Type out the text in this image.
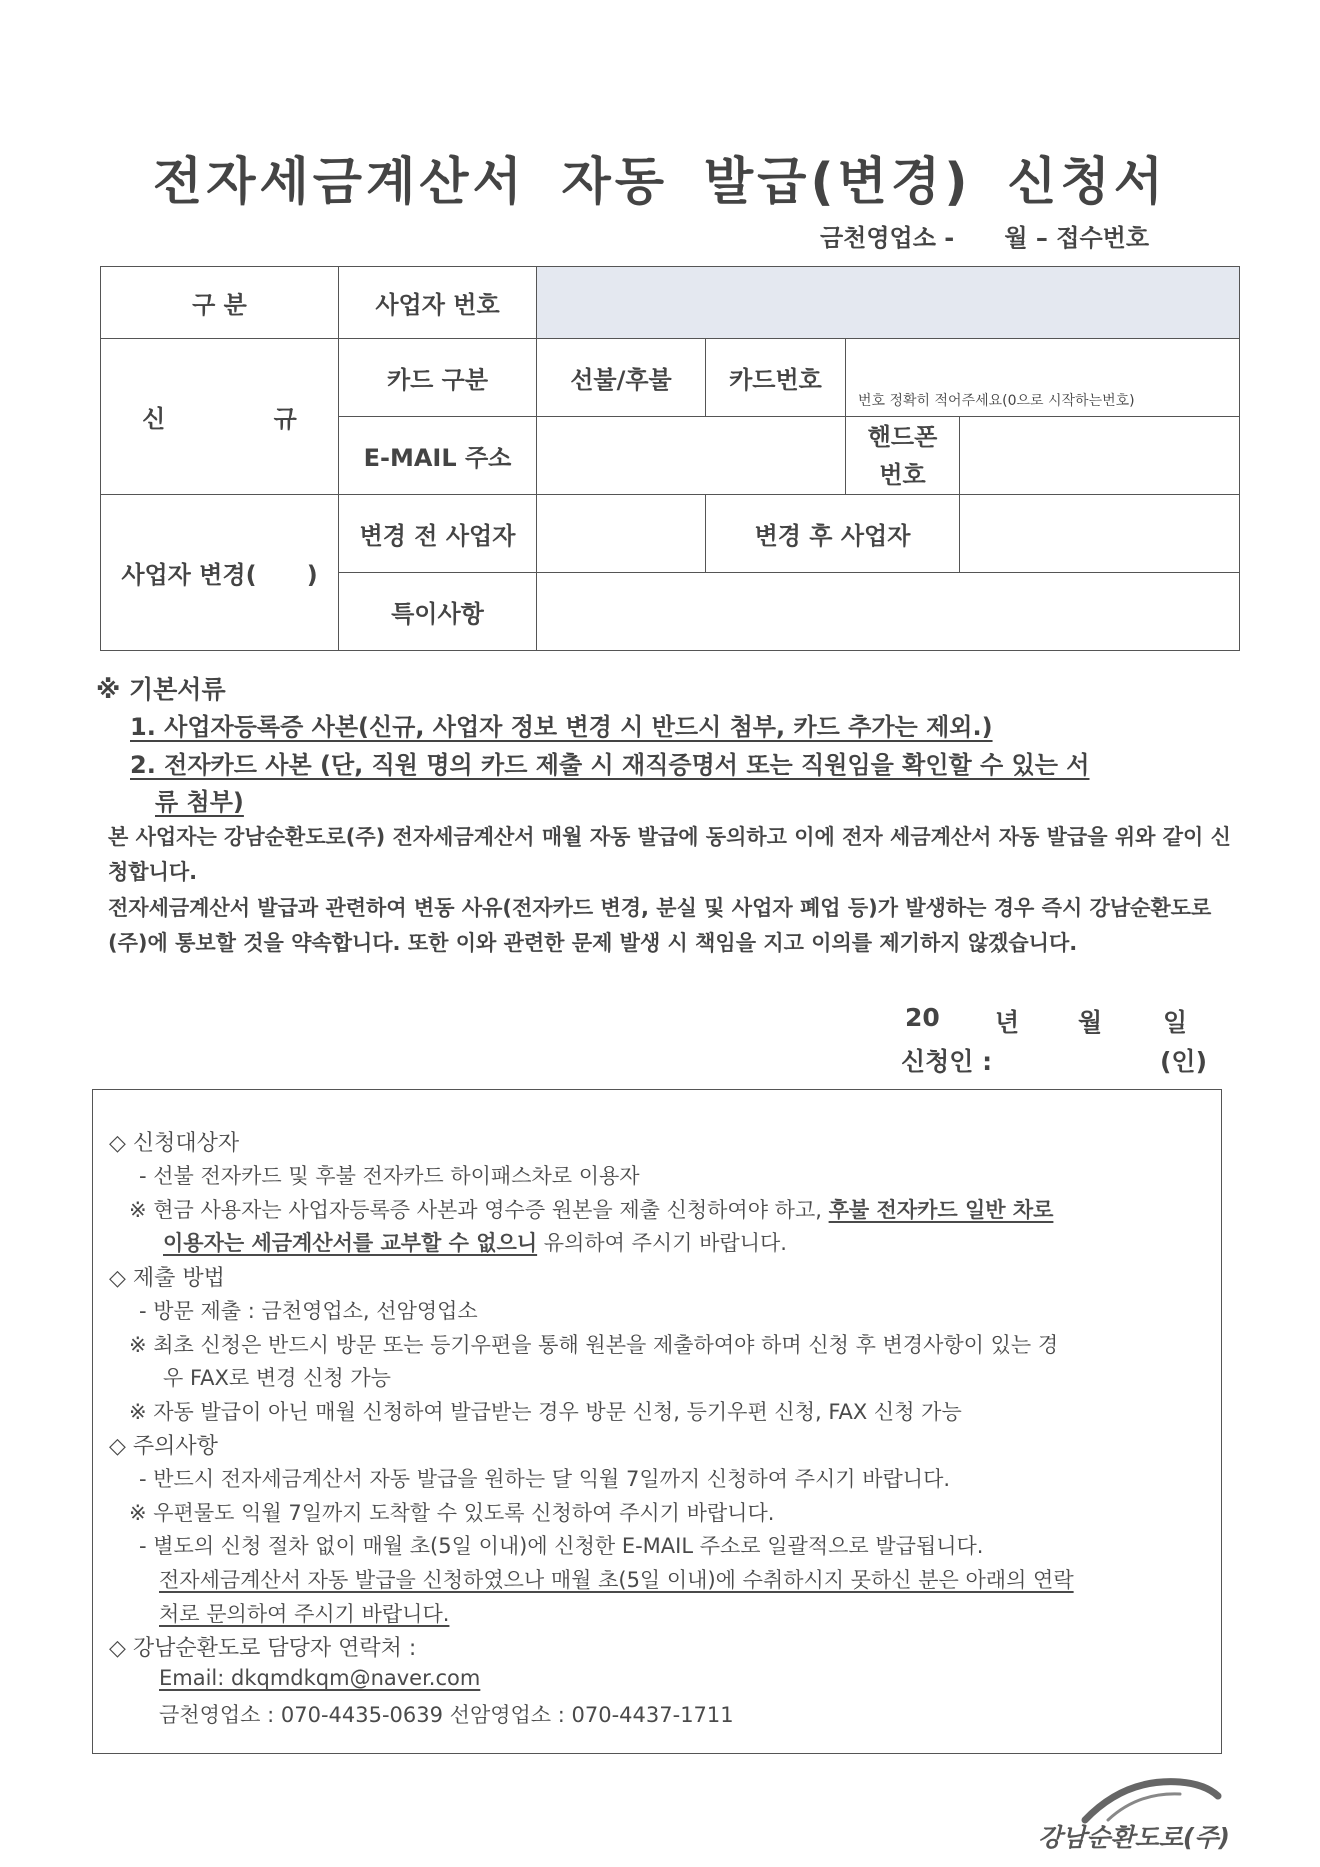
전자세금계산서 자동 발급(변경) 신청서
금천영업소 -      월 – 접수번호
구 분	사업자 번호				
신 규	카드 구분	선불/후불	카드번호	번호 정확히 적어주세요(0으로 시작하는번호)	

	E-MAIL 주소			핸드폰
번호	

사업자 변경(      )	변경 전 사업자		변경 후 사업자		
	특이사항				
※ 기본서류
1. 사업자등록증 사본(신규, 사업자 정보 변경 시 반드시 첨부, 카드 추가는 제외.)
2. 전자카드 사본 (단, 직원 명의 카드 제출 시 재직증명서 또는 직원임을 확인할 수 있는 서
류 첨부)
본 사업자는 강남순환도로(주) 전자세금계산서 매월 자동 발급에 동의하고 이에 전자 세금계산서 자동 발급을 위와 같이 신청합니다.
전자세금계산서 발급과 관련하여 변동 사유(전자카드 변경, 분실 및 사업자 폐업 등)가 발생하는 경우 즉시 강남순환도로(주)에 통보할 것을 약속합니다. 또한 이와 관련한 문제 발생 시 책임을 지고 이의를 제기하지 않겠습니다.
20 년 월 일
신청인 :	(인)
◇ 신청대상자
- 선불 전자카드 및 후불 전자카드 하이패스차로 이용자
※ 현금 사용자는 사업자등록증 사본과 영수증 원본을 제출 신청하여야 하고, 후불 전자카드 일반 차로
이용자는 세금계산서를 교부할 수 없으니 유의하여 주시기 바랍니다.
◇ 제출 방법
- 방문 제출 : 금천영업소, 선암영업소
※ 최초 신청은 반드시 방문 또는 등기우편을 통해 원본을 제출하여야 하며 신청 후 변경사항이 있는 경
우 FAX로 변경 신청 가능
※ 자동 발급이 아닌 매월 신청하여 발급받는 경우 방문 신청, 등기우편 신청, FAX 신청 가능
◇ 주의사항
- 반드시 전자세금계산서 자동 발급을 원하는 달 익월 7일까지 신청하여 주시기 바랍니다.
※ 우편물도 익월 7일까지 도착할 수 있도록 신청하여 주시기 바랍니다.
- 별도의 신청 절차 없이 매월 초(5일 이내)에 신청한 E-MAIL 주소로 일괄적으로 발급됩니다.
전자세금계산서 자동 발급을 신청하였으나 매월 초(5일 이내)에 수취하시지 못하신 분은 아래의 연락
처로 문의하여 주시기 바랍니다.
◇ 강남순환도로 담당자 연락처 :
Email: dkqmdkqm@naver.com
금천영업소 : 070-4435-0639 선암영업소 : 070-4437-1711
강남순환도로(주)
